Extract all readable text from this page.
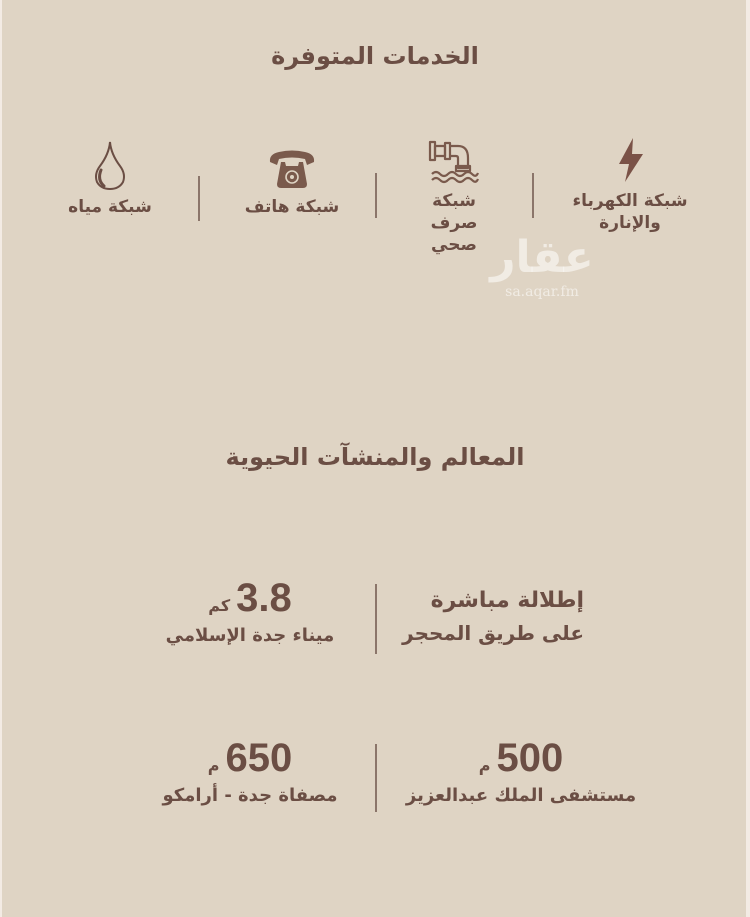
الخدمات المتوفرة
شبكة الكهرباء والإنارة
شبكة صرف صحي
شبكة هاتف
شبكة مياه
عقار
sa.aqar.fm
المعالم والمنشآت الحيوية
إطلالة مباشرة
على طريق المحجر
3.8
كم
ميناء جدة الإسلامي
500
م
مستشفى الملك عبدالعزيز
650
م
مصفاة جدة - أرامكو
